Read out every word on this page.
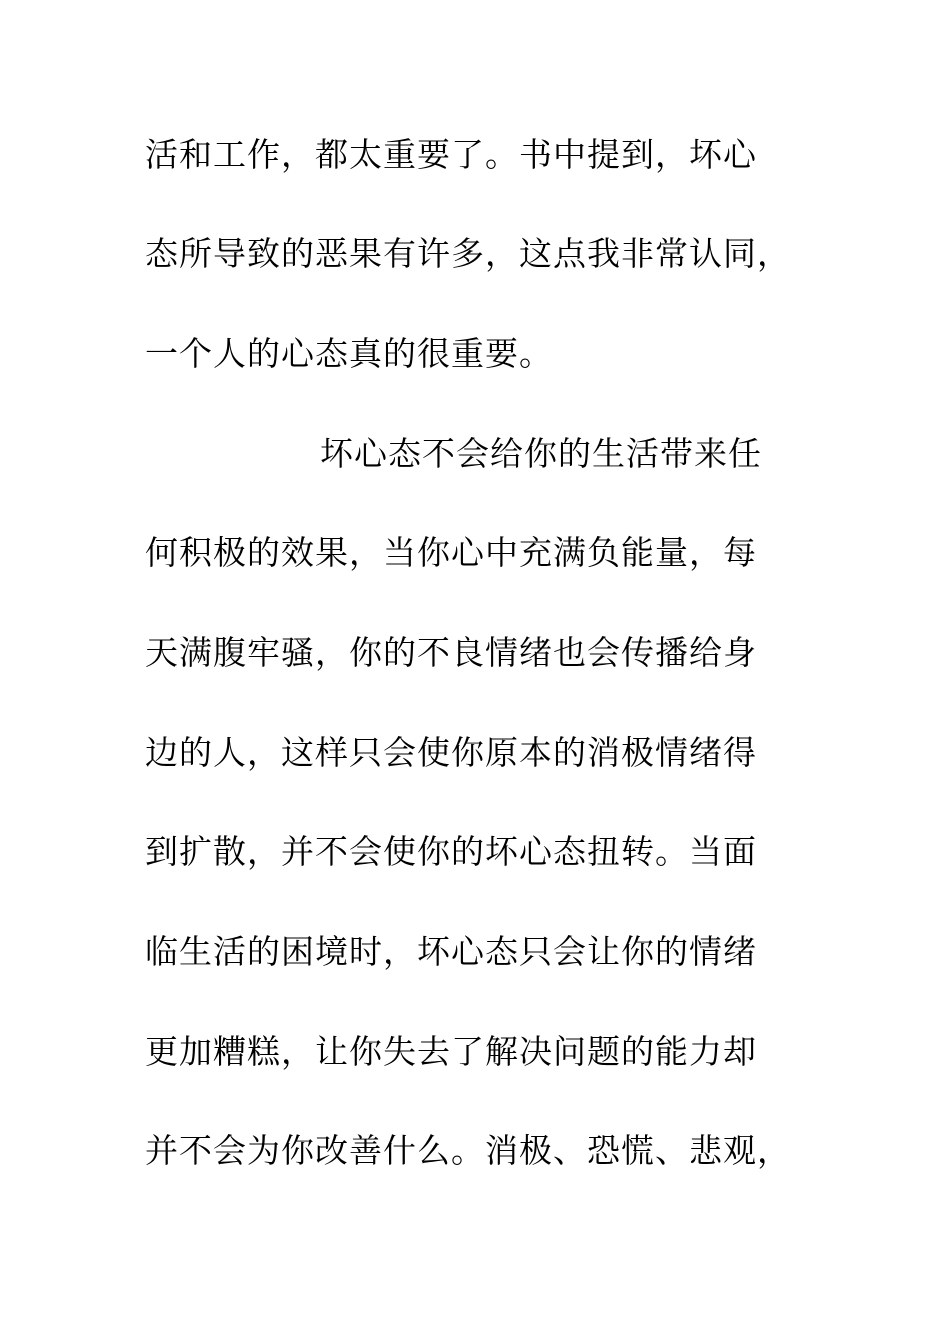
活和工作，都太重要了。书中提到，坏心
态所导致的恶果有许多，这点我非常认同，
一个人的心态真的很重要。
坏心态不会给你的生活带来任
何积极的效果，当你心中充满负能量，每
天满腹牢骚，你的不良情绪也会传播给身
边的人，这样只会使你原本的消极情绪得
到扩散，并不会使你的坏心态扭转。当面
临生活的困境时，坏心态只会让你的情绪
更加糟糕，让你失去了解决问题的能力却
并不会为你改善什么。消极、恐慌、悲观，
